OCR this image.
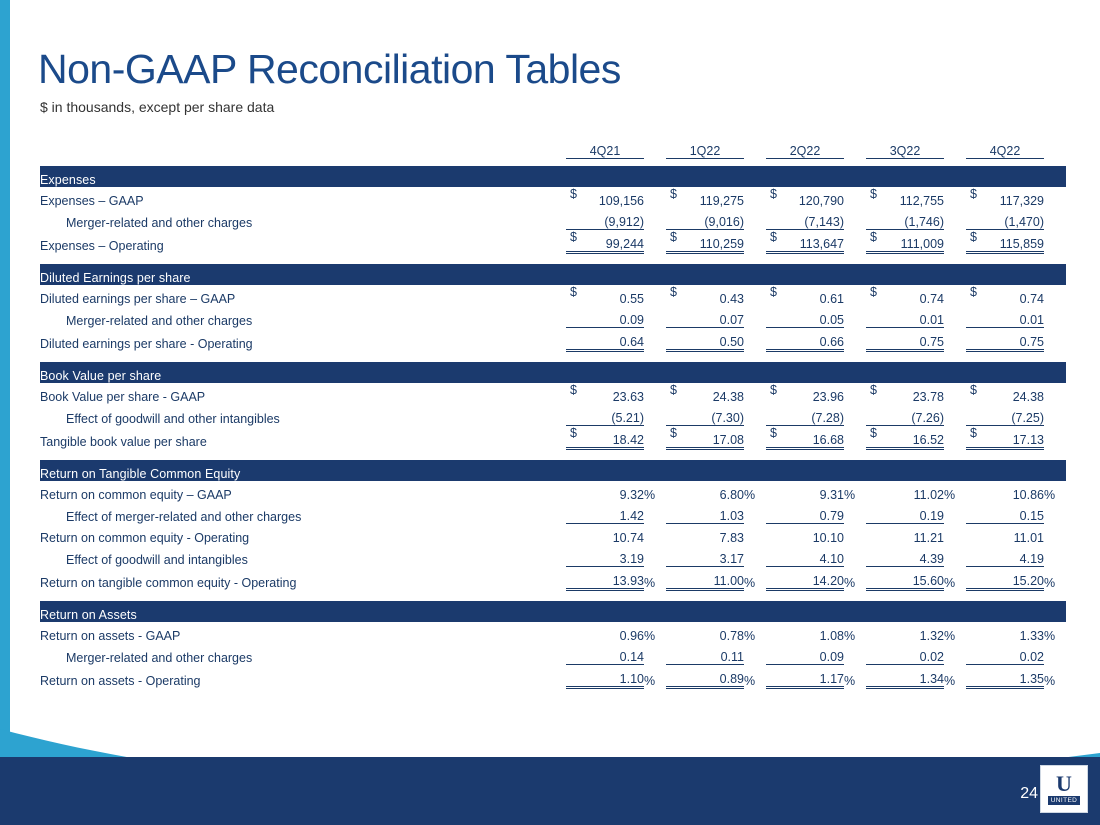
Non-GAAP Reconciliation Tables
$ in thousands, except per share data
	4Q21		1Q22		2Q22		3Q22		4Q22	

Expenses										
Expenses – GAAP	$ 109,156		$ 119,275		$ 120,790		$ 112,755		$ 117,329	
Merger-related and other charges	(9,912)		(9,016)		(7,143)		(1,746)		(1,470)	
Expenses – Operating	$ 99,244		$ 110,259		$ 113,647		$ 111,009		$ 115,859	

Diluted Earnings per share										
Diluted earnings per share – GAAP	$ 0.55		$ 0.43		$ 0.61		$ 0.74		$ 0.74	
Merger-related and other charges	0.09		0.07		0.05		0.01		0.01	
Diluted earnings per share - Operating	0.64		0.50		0.66		0.75		0.75	

Book Value per share										
Book Value per share - GAAP	$ 23.63		$ 24.38		$ 23.96		$ 23.78		$ 24.38	
Effect of goodwill and other intangibles	(5.21)		(7.30)		(7.28)		(7.26)		(7.25)	
Tangible book value per share	$ 18.42		$ 17.08		$ 16.68		$ 16.52		$ 17.13	

Return on Tangible Common Equity										
Return on common equity – GAAP	9.32	%	6.80	%	9.31	%	11.02	%	10.86	%
Effect of merger-related and other charges	1.42		1.03		0.79		0.19		0.15	
Return on common equity - Operating	10.74		7.83		10.10		11.21		11.01	
Effect of goodwill and intangibles	3.19		3.17		4.10		4.39		4.19	
Return on tangible common equity - Operating	13.93	%	11.00	%	14.20	%	15.60	%	15.20	%

Return on Assets										
Return on assets - GAAP	0.96	%	0.78	%	1.08	%	1.32	%	1.33	%
Merger-related and other charges	0.14		0.11		0.09		0.02		0.02	
Return on assets - Operating	1.10	%	0.89	%	1.17	%	1.34	%	1.35	%
24 U
UNITED
